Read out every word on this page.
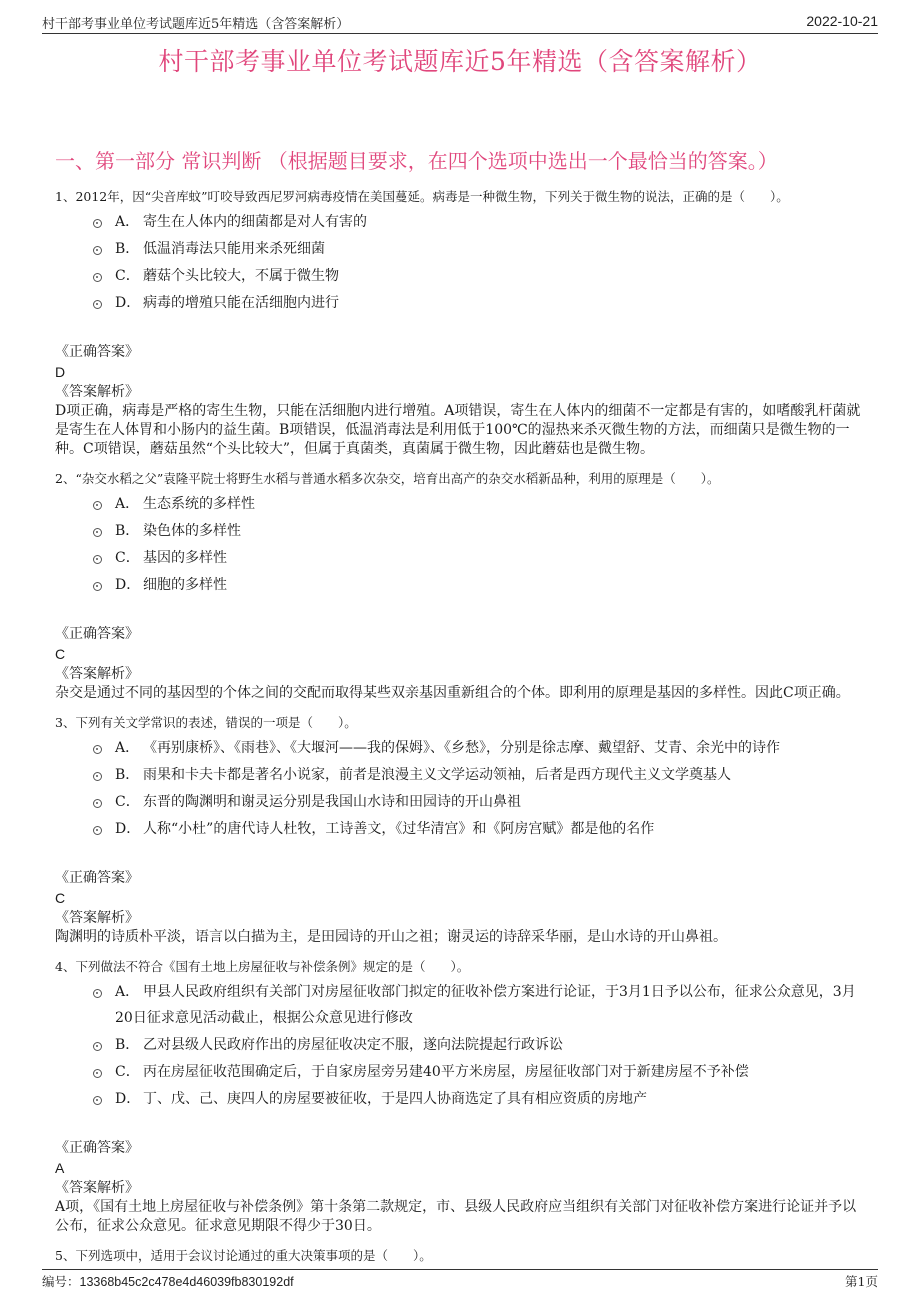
村干部考事业单位考试题库近5年精选（含答案解析）	2022-10-21
村干部考事业单位考试题库近5年精选（含答案解析）
一、第一部分 常识判断 （根据题目要求，在四个选项中选出一个最恰当的答案。）
1、2012年，因“尖音库蚊”叮咬导致西尼罗河病毒疫情在美国蔓延。病毒是一种微生物，下列关于微生物的说法，正确的是（　　）。
A． 寄生在人体内的细菌都是对人有害的
B． 低温消毒法只能用来杀死细菌
C． 蘑菇个头比较大，不属于微生物
D． 病毒的增殖只能在活细胞内进行
《正确答案》
D
《答案解析》
D项正确，病毒是严格的寄生生物，只能在活细胞内进行增殖。A项错误，寄生在人体内的细菌不一定都是有害的，如嗜酸乳杆菌就是寄生在人体胃和小肠内的益生菌。B项错误，低温消毒法是利用低于100℃的湿热来杀灭微生物的方法，而细菌只是微生物的一种。C项错误，蘑菇虽然“个头比较大”，但属于真菌类，真菌属于微生物，因此蘑菇也是微生物。
2、“杂交水稻之父”袁隆平院士将野生水稻与普通水稻多次杂交，培育出高产的杂交水稻新品种，利用的原理是（　　）。
A． 生态系统的多样性
B． 染色体的多样性
C． 基因的多样性
D． 细胞的多样性
《正确答案》
C
《答案解析》
杂交是通过不同的基因型的个体之间的交配而取得某些双亲基因重新组合的个体。即利用的原理是基因的多样性。因此C项正确。
3、下列有关文学常识的表述，错误的一项是（　　）。
A． 《再别康桥》、《雨巷》、《大堰河——我的保姆》、《乡愁》，分别是徐志摩、戴望舒、艾青、余光中的诗作
B． 雨果和卡夫卡都是著名小说家，前者是浪漫主义文学运动领袖，后者是西方现代主义文学奠基人
C． 东晋的陶渊明和谢灵运分别是我国山水诗和田园诗的开山鼻祖
D． 人称“小杜”的唐代诗人杜牧，工诗善文，《过华清宫》和《阿房宫赋》都是他的名作
《正确答案》
C
《答案解析》
陶渊明的诗质朴平淡，语言以白描为主，是田园诗的开山之祖；谢灵运的诗辞采华丽，是山水诗的开山鼻祖。
4、下列做法不符合《国有土地上房屋征收与补偿条例》规定的是（　　）。
A． 甲县人民政府组织有关部门对房屋征收部门拟定的征收补偿方案进行论证，于3月1日予以公布，征求公众意见，3月20日征求意见活动截止，根据公众意见进行修改
B． 乙对县级人民政府作出的房屋征收决定不服，遂向法院提起行政诉讼
C． 丙在房屋征收范围确定后，于自家房屋旁另建40平方米房屋，房屋征收部门对于新建房屋不予补偿
D． 丁、戊、己、庚四人的房屋要被征收，于是四人协商选定了具有相应资质的房地产
《正确答案》
A
《答案解析》
A项，《国有土地上房屋征收与补偿条例》第十条第二款规定，市、县级人民政府应当组织有关部门对征收补偿方案进行论证并予以公布，征求公众意见。征求意见期限不得少于30日。
5、下列选项中，适用于会议讨论通过的重大决策事项的是（　　）。
编号：13368b45c2c478e4d46039fb830192df	第1页
